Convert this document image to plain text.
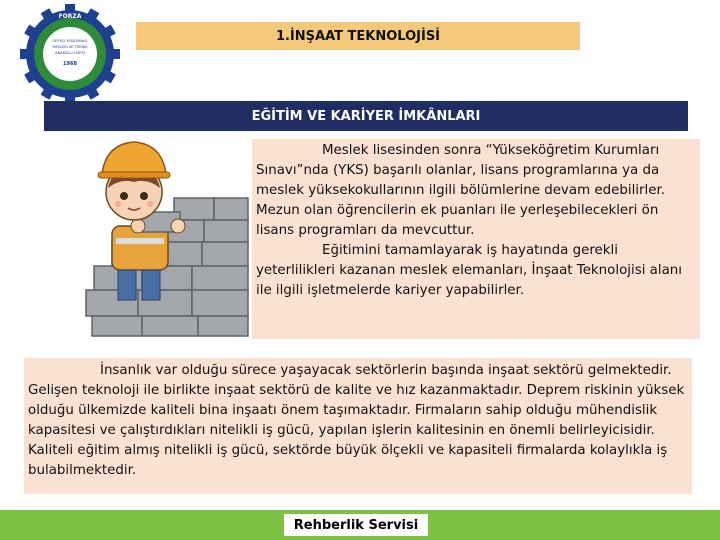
FORZA
SEYYİD YEŞİLPANAL
MESLEKİ VE TEKNİK
ANADOLU LİSESİ
1968
1.İNŞAAT TEKNOLOJİSİ
EĞİTİM VE KARİYER İMKÂNLARI

Meslek lisesinden sonra “Yükseköğretim Kurumları Sınavı”nda (YKS) başarılı olanlar, lisans programlarına ya da meslek yüksekokullarının ilgili bölümlerine devam edebilirler. Mezun olan öğrencilerin ek puanları ile yerleşebilecekleri ön lisans programları da mevcuttur.

Eğitimini tamamlayarak iş hayatında gerekli yeterlilikleri kazanan meslek elemanları, İnşaat Teknolojisi alanı ile ilgili işletmelerde kariyer yapabilirler.

İnsanlık var olduğu sürece yaşayacak sektörlerin başında inşaat sektörü gelmektedir. Gelişen teknoloji ile birlikte inşaat sektörü de kalite ve hız kazanmaktadır. Deprem riskinin yüksek olduğu ülkemizde kaliteli bina inşaatı önem taşımaktadır. Firmaların sahip olduğu mühendislik kapasitesi ve çalıştırdıkları nitelikli iş gücü, yapılan işlerin kalitesinin en önemli belirleyicisidir. Kaliteli eğitim almış nitelikli iş gücü, sektörde büyük ölçekli ve kapasiteli firmalarda kolaylıkla iş bulabilmektedir.

Rehberlik Servisi
